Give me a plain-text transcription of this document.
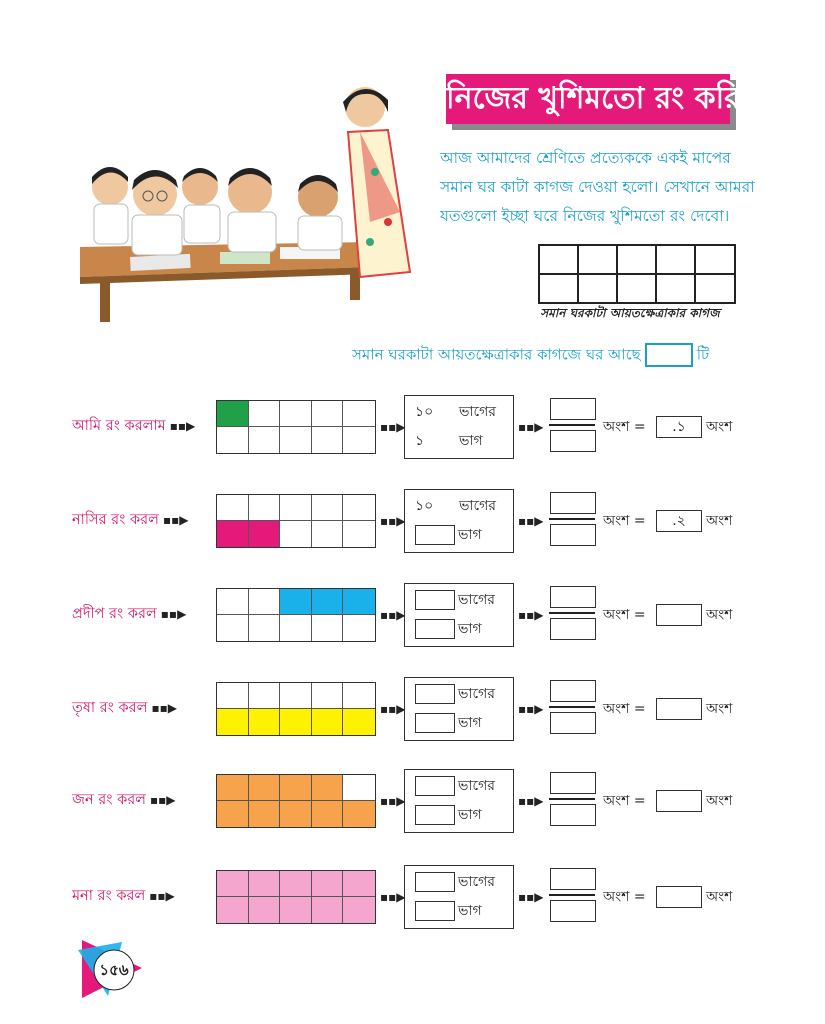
নিজের খুশিমতো রং করি

আজ আমাদের শ্রেণিতে প্রত্যেককে একই মাপের

সমান ঘর কাটা কাগজ দেওয়া হলো। সেখানে আমরা

যতগুলো ইচ্ছা ঘরে নিজের খুশিমতো রং দেবো।

সমান ঘরকাটা আয়তক্ষেত্রাকার কাগজ
সমান ঘরকাটা আয়তক্ষেত্রাকার কাগজে ঘর আছে	টি
আমি রং করলাম ▪▪▶	▪▪▶
১০	ভাগের
১	ভাগ
▪▪▶	অংশ =	.১	অংশ
নাসির রং করল ▪▪▶	▪▪▶
১০	ভাগের
ভাগ
▪▪▶	অংশ =	.২	অংশ
প্রদীপ রং করল ▪▪▶	▪▪▶
ভাগের
ভাগ
▪▪▶	অংশ =	অংশ
তৃষা রং করল ▪▪▶	▪▪▶
ভাগের
ভাগ
▪▪▶	অংশ =	অংশ
জন রং করল ▪▪▶	▪▪▶
ভাগের
ভাগ
▪▪▶	অংশ =	অংশ
মনা রং করল ▪▪▶	▪▪▶
ভাগের
ভাগ
▪▪▶	অংশ =	অংশ
১৫৬
